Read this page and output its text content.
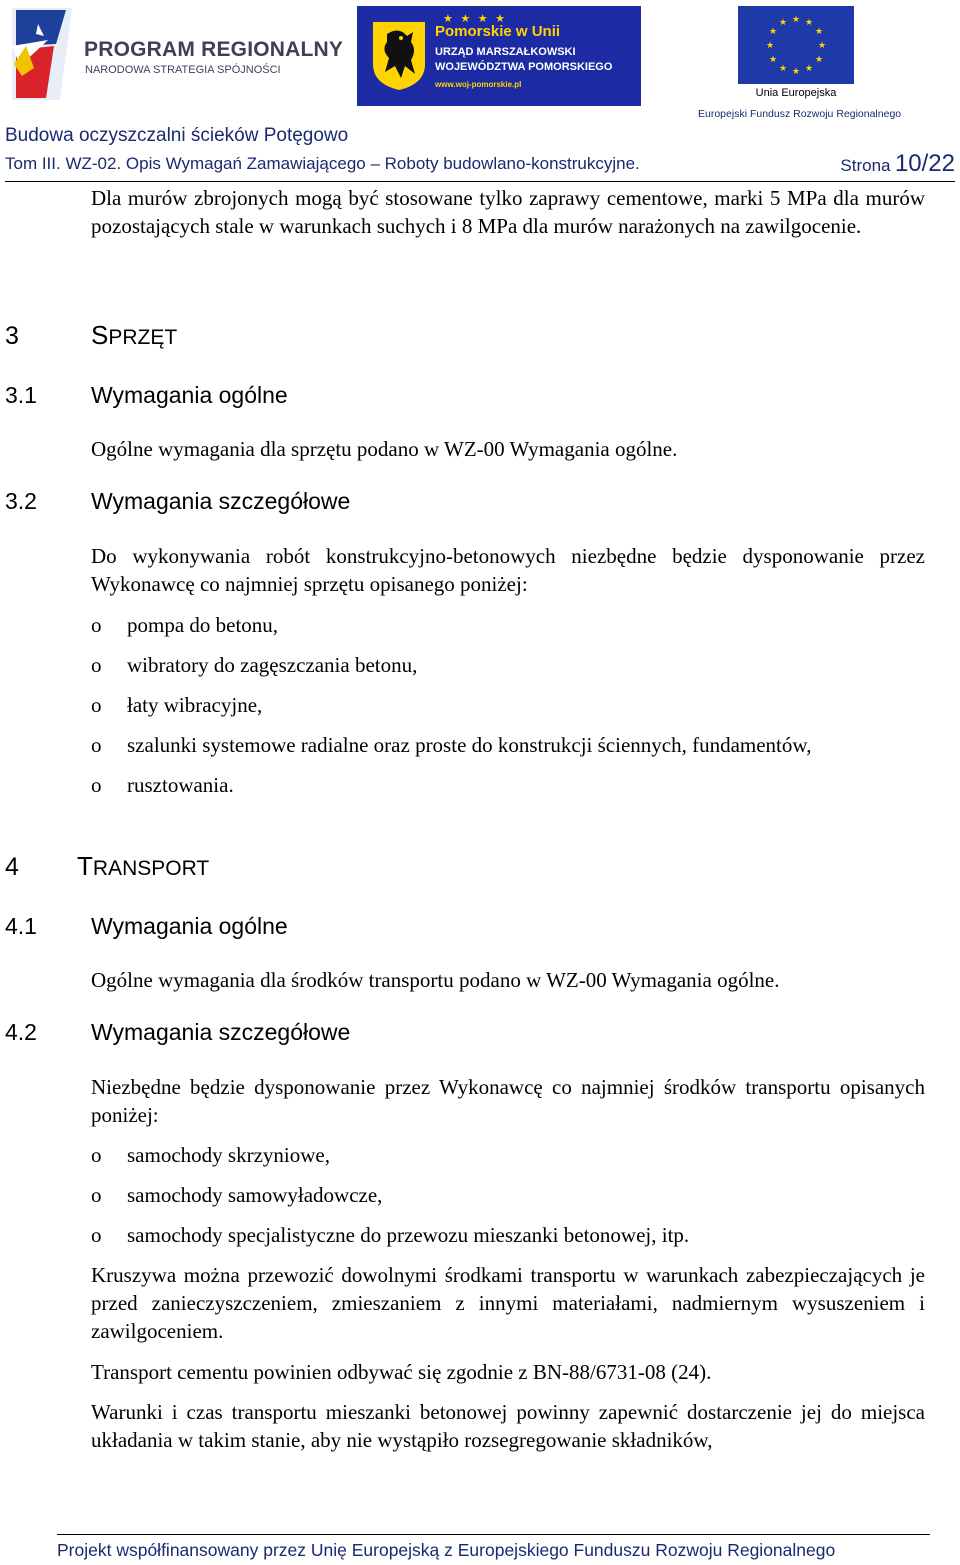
PROGRAM REGIONALNY
NARODOWA STRATEGIA SPÓJNOŚCI
★ ★ ★ ★
Pomorskie w Unii
URZĄD MARSZAŁKOWSKI
WOJEWÓDZTWA POMORSKIEGO
www.woj-pomorskie.pl
★ ★
★
★
★
★
★
★
★
★
★
★
Unia Europejska
Europejski Fundusz Rozwoju Regionalnego
Budowa oczyszczalni ścieków Potęgowo
Tom III. WZ-02. Opis Wymagań Zamawiającego – Roboty budowlano-konstrukcyjne.	Strona 10/22
Dla murów zbrojonych mogą być stosowane tylko zaprawy cementowe, marki 5 MPa dla murów pozostających stale w warunkach suchych i 8 MPa dla murów narażonych na zawilgocenie.
3	SPRZĘT
3.1 Wymagania ogólne
Ogólne wymagania dla sprzętu podano w WZ-00 Wymagania ogólne.
3.2 Wymagania szczegółowe
Do wykonywania robót konstrukcyjno-betonowych niezbędne będzie dysponowanie przez Wykonawcę co najmniej sprzętu opisanego poniżej:
o pompa do betonu,
o wibratory do zagęszczania betonu,
o łaty wibracyjne,
o szalunki systemowe radialne oraz proste do konstrukcji ściennych, fundamentów,
o rusztowania.
4 TRANSPORT
4.1 Wymagania ogólne
Ogólne wymagania dla środków transportu podano w WZ-00 Wymagania ogólne.
4.2 Wymagania szczegółowe
Niezbędne będzie dysponowanie przez Wykonawcę co najmniej środków transportu opisanych poniżej:
o samochody skrzyniowe,
o samochody samowyładowcze,
o samochody specjalistyczne do przewozu mieszanki betonowej, itp.
Kruszywa można przewozić dowolnymi środkami transportu w warunkach zabezpieczających je przed zanieczyszczeniem, zmieszaniem z innymi materiałami, nadmiernym wysuszeniem i zawilgoceniem.
Transport cementu powinien odbywać się zgodnie z BN-88/6731-08 (24).
Warunki i czas transportu mieszanki betonowej powinny zapewnić dostarczenie jej do miejsca układania w takim stanie, aby nie wystąpiło rozsegregowanie składników,
Projekt współfinansowany przez Unię Europejską z Europejskiego Funduszu Rozwoju Regionalnego
